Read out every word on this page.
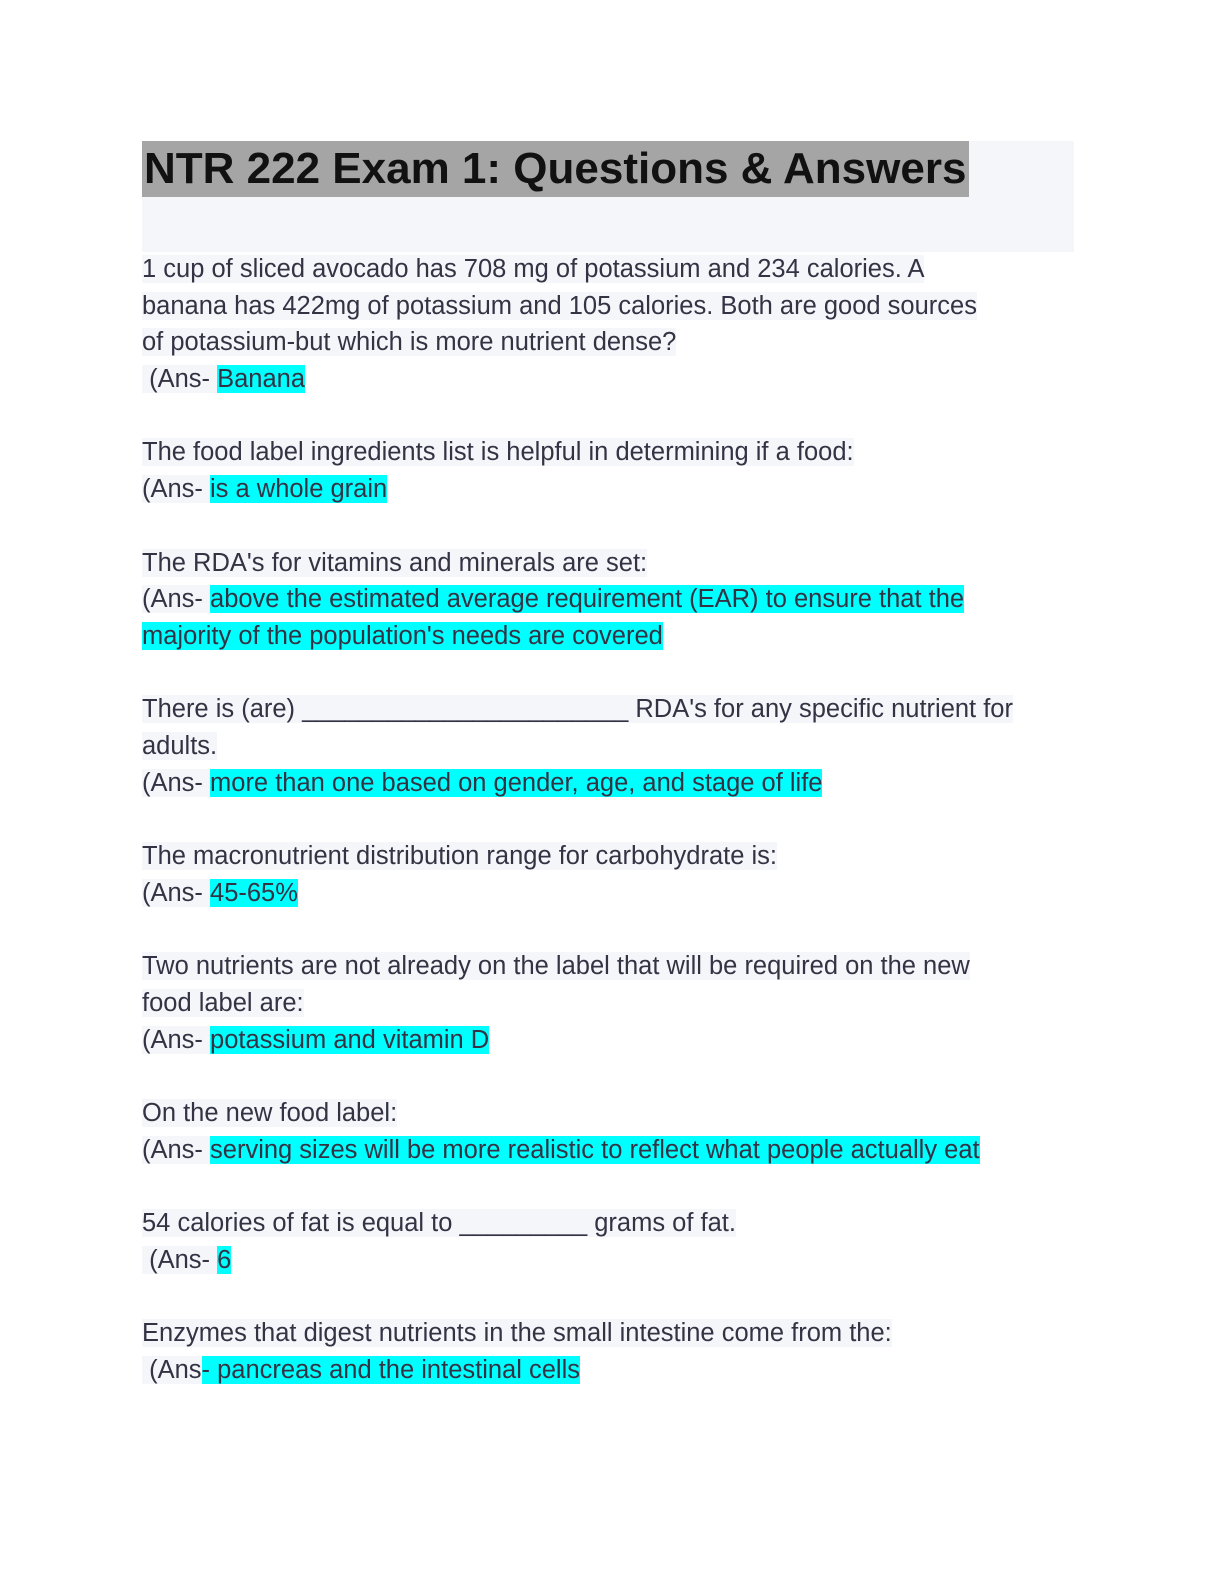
NTR 222 Exam 1: Questions & Answers
1 cup of sliced avocado has 708 mg of potassium and 234 calories. A
banana has 422mg of potassium and 105 calories. Both are good sources
of potassium-but which is more nutrient dense?
(Ans- Banana
The food label ingredients list is helpful in determining if a food:
(Ans- is a whole grain
The RDA's for vitamins and minerals are set:
(Ans- above the estimated average requirement (EAR) to ensure that the
majority of the population's needs are covered
There is (are) _______________________ RDA's for any specific nutrient for
adults.
(Ans- more than one based on gender, age, and stage of life
The macronutrient distribution range for carbohydrate is:
(Ans- 45-65%
Two nutrients are not already on the label that will be required on the new
food label are:
(Ans- potassium and vitamin D
On the new food label:
(Ans- serving sizes will be more realistic to reflect what people actually eat
54 calories of fat is equal to _________ grams of fat.
(Ans- 6
Enzymes that digest nutrients in the small intestine come from the:
(Ans- pancreas and the intestinal cells
